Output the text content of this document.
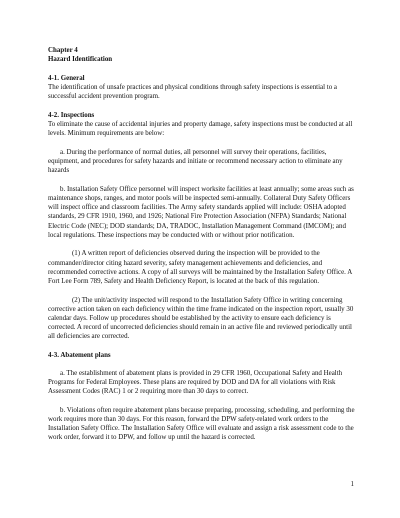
Chapter 4

Hazard Identification

4-1. General

The identification of unsafe practices and physical conditions through safety inspections is essential to a successful accident prevention program.

4-2. Inspections

To eliminate the cause of accidental injuries and property damage, safety inspections must be conducted at all levels. Minimum requirements are below:

a. During the performance of normal duties, all personnel will survey their operations, facilities, equipment, and procedures for safety hazards and initiate or recommend necessary action to eliminate any hazards

b. Installation Safety Office personnel will inspect worksite facilities at least annually; some areas such as maintenance shops, ranges, and motor pools will be inspected semi-annually. Collateral Duty Safety Officers will inspect office and classroom facilities. The Army safety standards applied will include: OSHA adopted standards, 29 CFR 1910, 1960, and 1926; National Fire Protection Association (NFPA) Standards; National Electric Code (NEC); DOD standards; DA, TRADOC, Installation Management Command (IMCOM); and local regulations. These inspections may be conducted with or without prior notification.

(1) A written report of deficiencies observed during the inspection will be provided to the commander/director citing hazard severity, safety management achievements and deficiencies, and recommended corrective actions. A copy of all surveys will be maintained by the Installation Safety Office. A Fort Lee Form 789, Safety and Health Deficiency Report, is located at the back of this regulation.

(2) The unit/activity inspected will respond to the Installation Safety Office in writing concerning corrective action taken on each deficiency within the time frame indicated on the inspection report, usually 30 calendar days. Follow up procedures should be established by the activity to ensure each deficiency is corrected. A record of uncorrected deficiencies should remain in an active file and reviewed periodically until all deficiencies are corrected.

4-3. Abatement plans

a. The establishment of abatement plans is provided in 29 CFR 1960, Occupational Safety and Health Programs for Federal Employees. These plans are required by DOD and DA for all violations with Risk Assessment Codes (RAC) 1 or 2 requiring more than 30 days to correct.

b. Violations often require abatement plans because preparing, processing, scheduling, and performing the work requires more than 30 days. For this reason, forward the DPW safety-related work orders to the Installation Safety Office. The Installation Safety Office will evaluate and assign a risk assessment code to the work order, forward it to DPW, and follow up until the hazard is corrected.

1
